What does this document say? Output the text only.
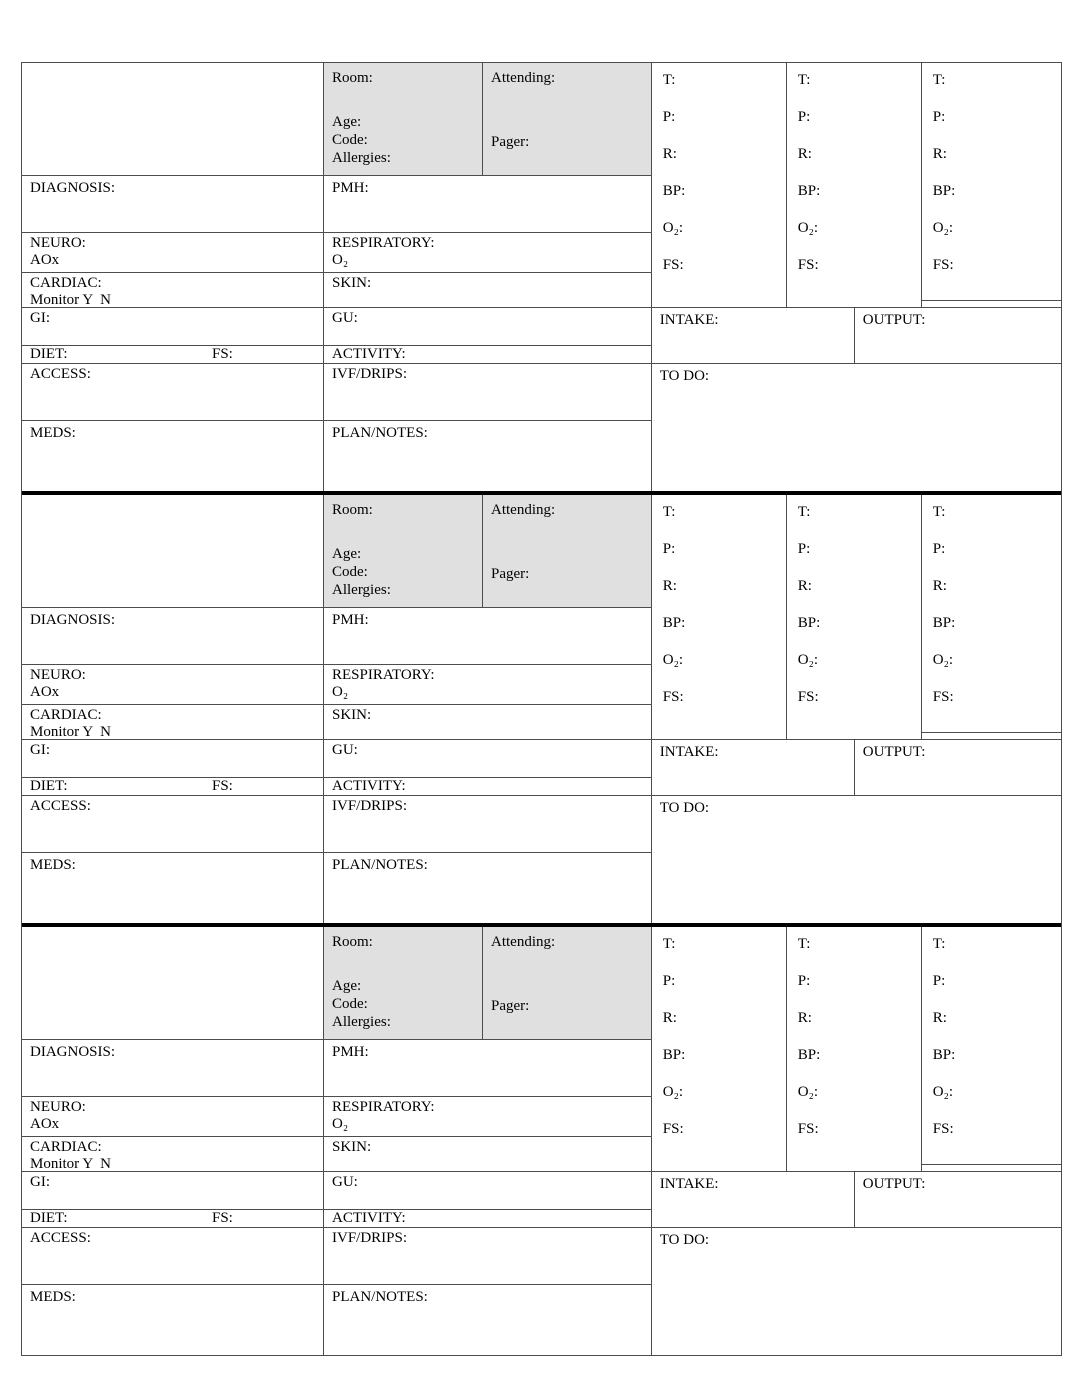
Room:
Age:
Code:
Allergies:
Attending:
Pager:
DIAGNOSIS:	PMH:
NEURO:
AOx
RESPIRATORY:
O₂
CARDIAC:
Monitor Y  N
SKIN:
GI:	GU:
DIET:	FS:	ACTIVITY:
ACCESS:	IVF/DRIPS:
MEDS:	PLAN/NOTES:
T:
P:
R:
BP:
O₂:
FS:
T:
P:
R:
BP:
O₂:
FS:
T:
P:
R:
BP:
O₂:
FS:
INTAKE:	OUTPUT:
TO DO:
Room:
Age:
Code:
Allergies:
Attending:
Pager:
DIAGNOSIS:	PMH:
NEURO:
AOx
RESPIRATORY:
O₂
CARDIAC:
Monitor Y  N
SKIN:
GI:	GU:
DIET:	FS:	ACTIVITY:
ACCESS:	IVF/DRIPS:
MEDS:	PLAN/NOTES:
T:
P:
R:
BP:
O₂:
FS:
T:
P:
R:
BP:
O₂:
FS:
T:
P:
R:
BP:
O₂:
FS:
INTAKE:	OUTPUT:
TO DO:
Room:
Age:
Code:
Allergies:
Attending:
Pager:
DIAGNOSIS:	PMH:
NEURO:
AOx
RESPIRATORY:
O₂
CARDIAC:
Monitor Y  N
SKIN:
GI:	GU:
DIET:	FS:	ACTIVITY:
ACCESS:	IVF/DRIPS:
MEDS:	PLAN/NOTES:
T:
P:
R:
BP:
O₂:
FS:
T:
P:
R:
BP:
O₂:
FS:
T:
P:
R:
BP:
O₂:
FS:
INTAKE:	OUTPUT:
TO DO:
